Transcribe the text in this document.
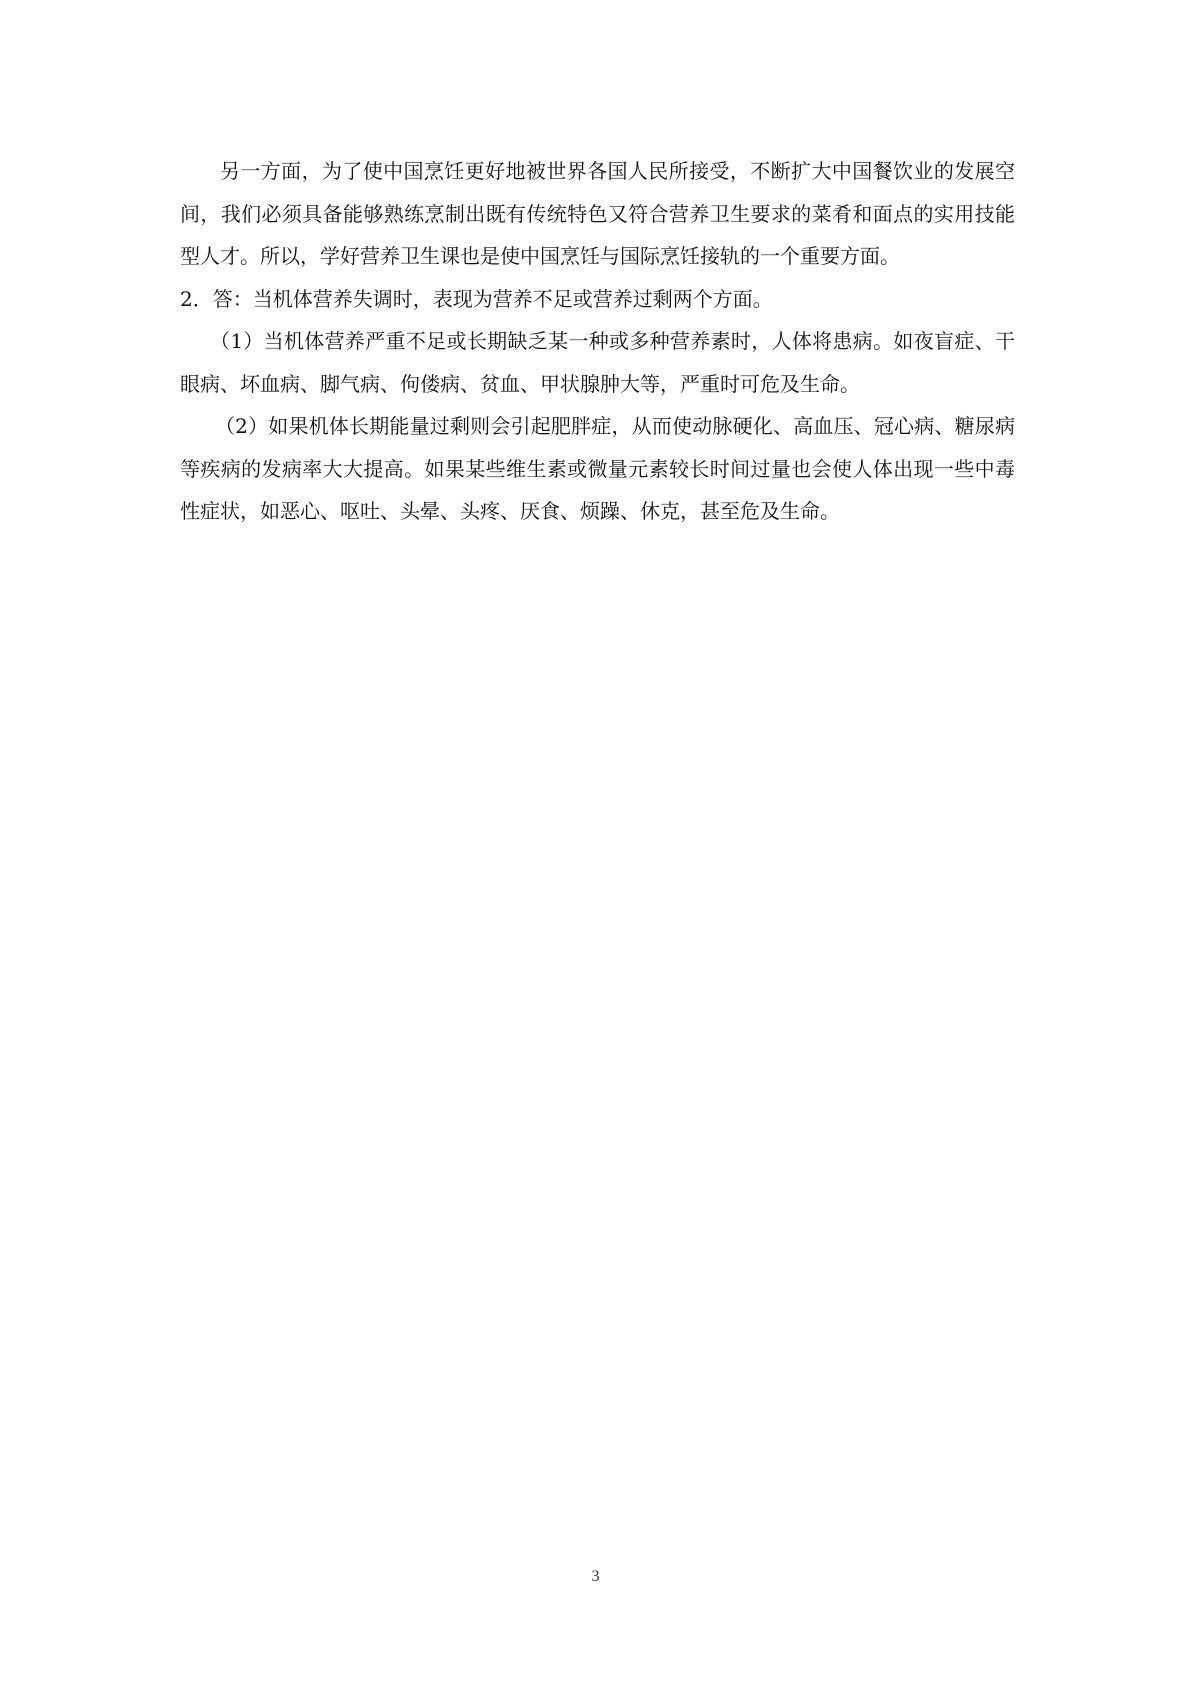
另一方面，为了使中国烹饪更好地被世界各国人民所接受，不断扩大中国餐饮业的发展空间，我们必须具备能够熟练烹制出既有传统特色又符合营养卫生要求的菜肴和面点的实用技能型人才。所以，学好营养卫生课也是使中国烹饪与国际烹饪接轨的一个重要方面。

2．答：当机体营养失调时，表现为营养不足或营养过剩两个方面。

（1）当机体营养严重不足或长期缺乏某一种或多种营养素时，人体将患病。如夜盲症、干眼病、坏血病、脚气病、佝偻病、贫血、甲状腺肿大等，严重时可危及生命。

（2）如果机体长期能量过剩则会引起肥胖症，从而使动脉硬化、高血压、冠心病、糖尿病等疾病的发病率大大提高。如果某些维生素或微量元素较长时间过量也会使人体出现一些中毒性症状，如恶心、呕吐、头晕、头疼、厌食、烦躁、休克，甚至危及生命。

3
